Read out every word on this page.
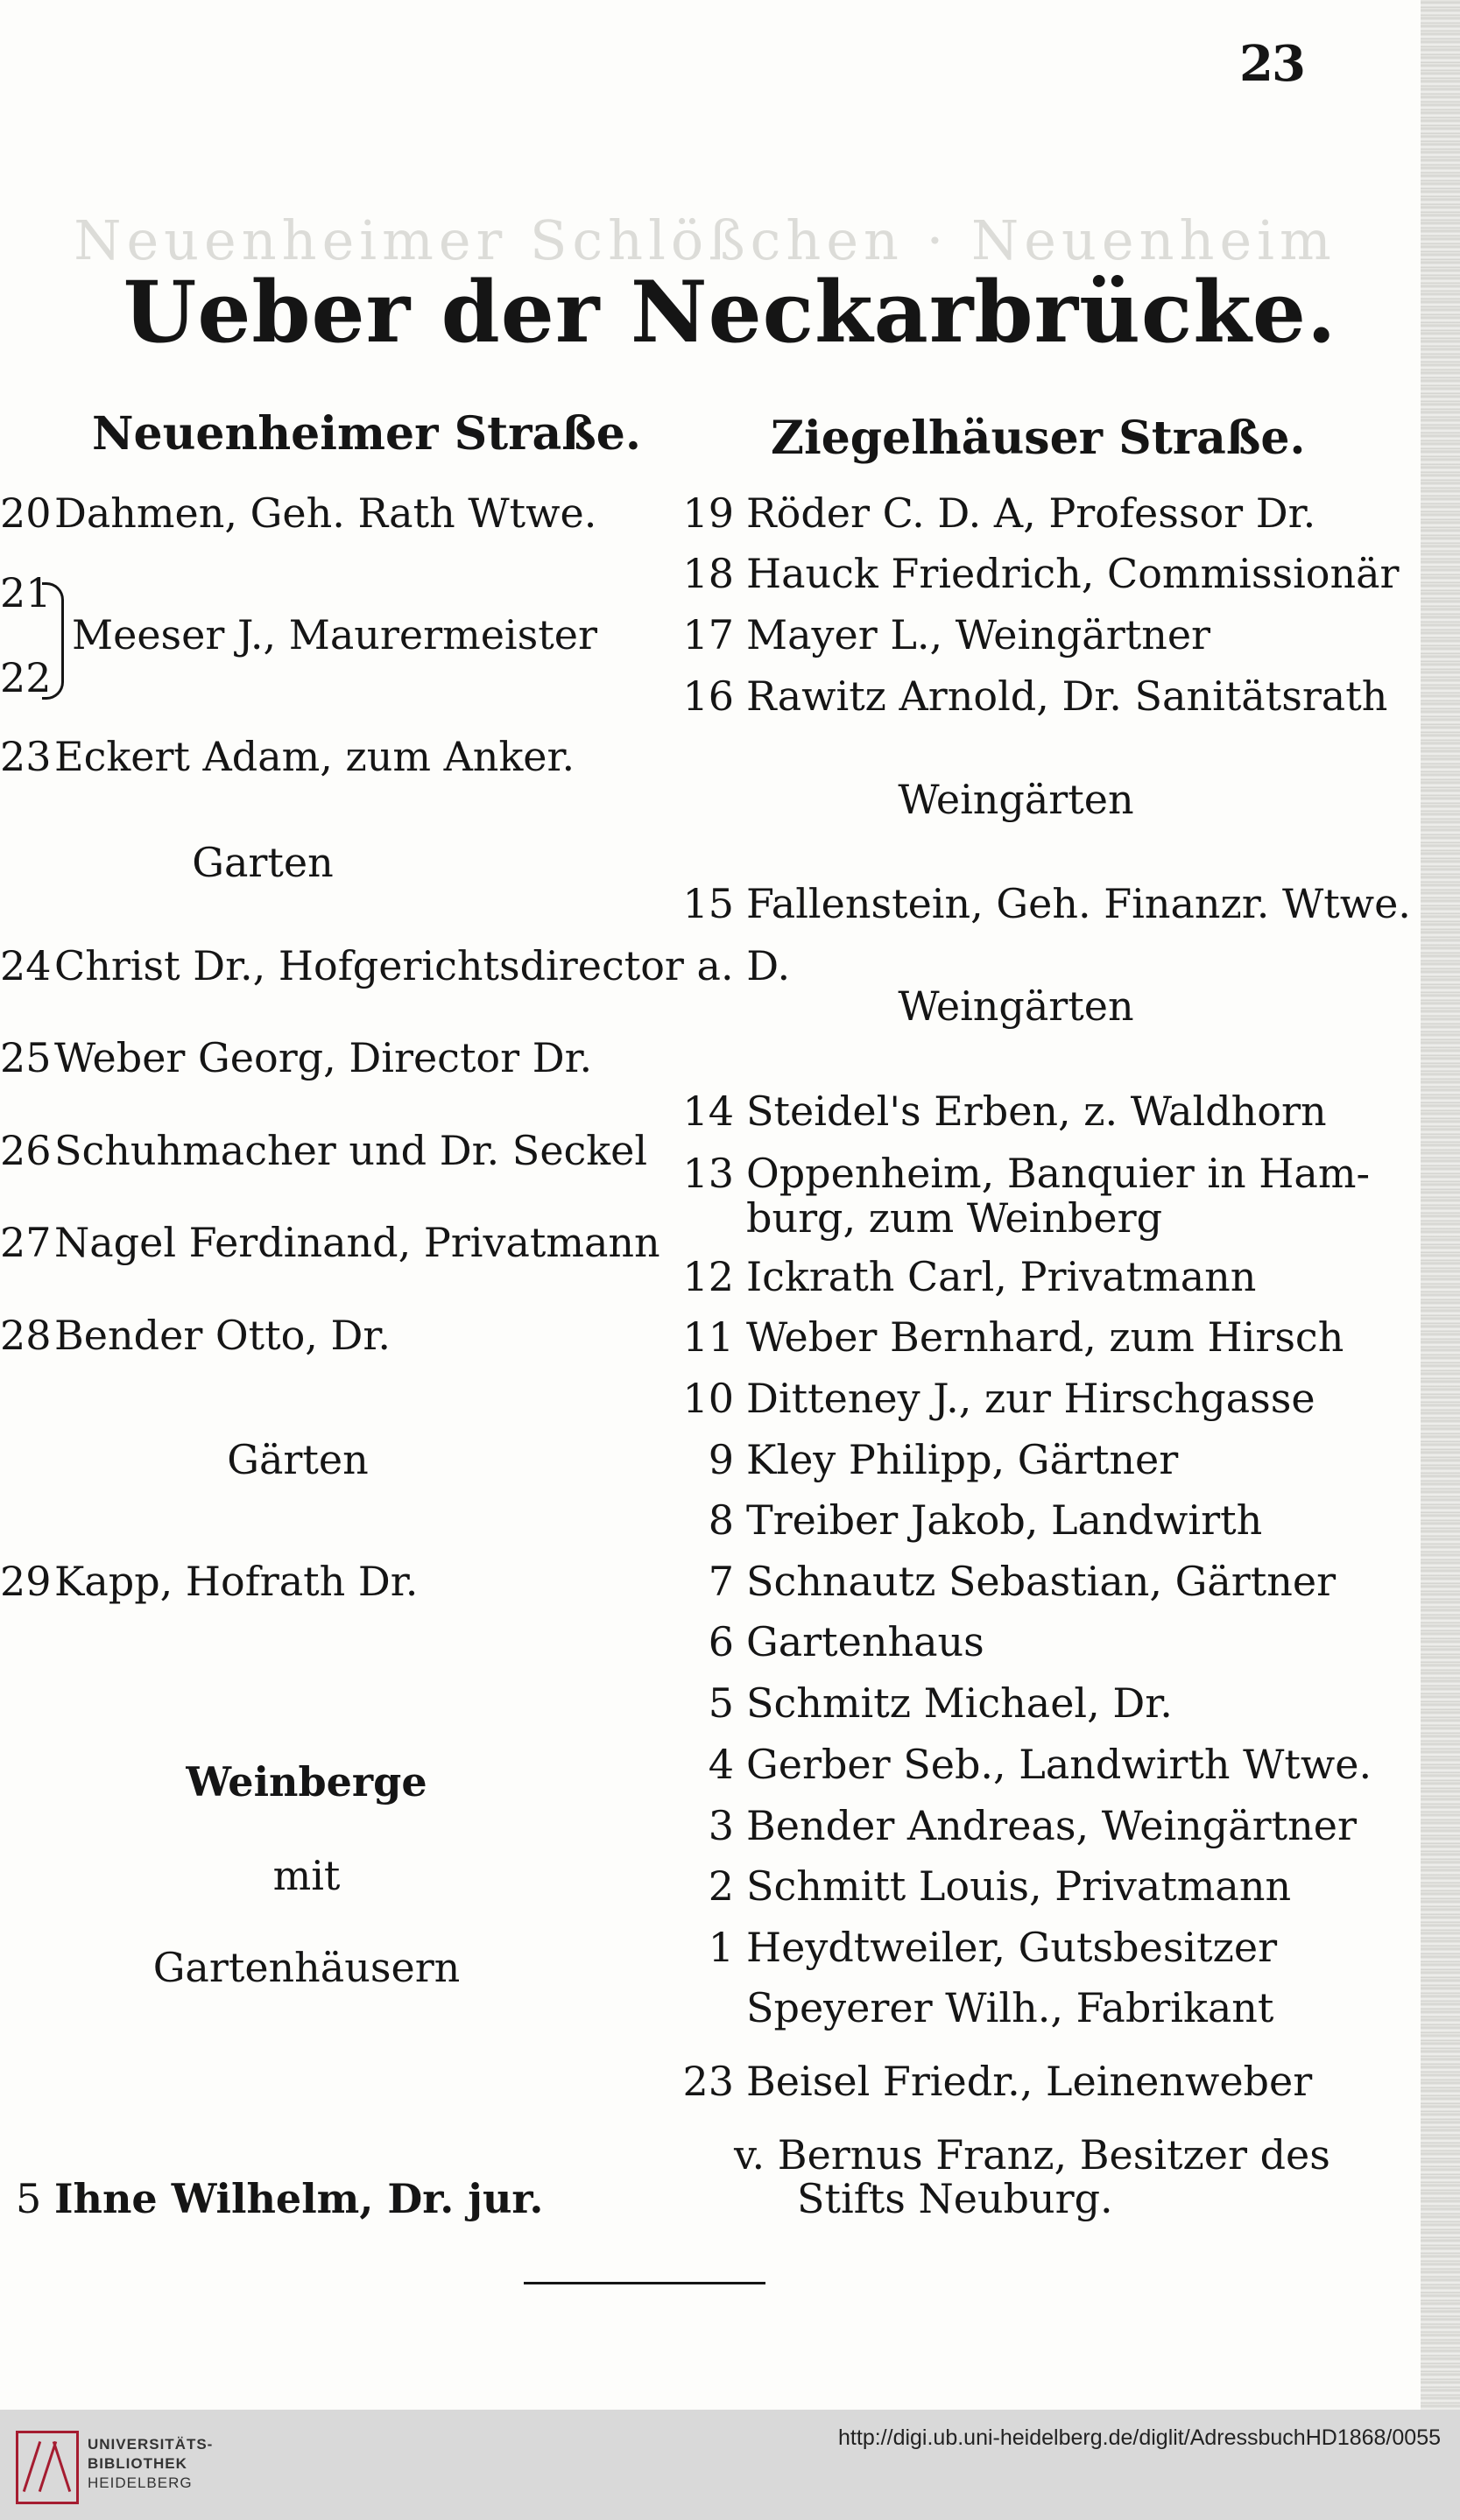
23
Neuenheimer Schlößchen · Neuenheim
Ueber der Neckarbrücke.
Neuenheimer Straße.
20Dahmen, Geh. Rath Wtwe.
21
22
Meeser J., Maurermeister
23Eckert Adam, zum Anker.
Garten
24Christ Dr., Hofgerichtsdirector a. D.
25Weber Georg, Director Dr.
26Schuhmacher und Dr. Seckel
27Nagel Ferdinand, Privatmann
28Bender Otto, Dr.
Gärten
29Kapp, Hofrath Dr.
Weinberge
mit
Gartenhäusern
5 Ihne Wilhelm, Dr. jur.
Ziegelhäuser Straße.
19 Röder C. D. A, Professor Dr.
18 Hauck Friedrich, Commissionär
17 Mayer L., Weingärtner
16 Rawitz Arnold, Dr. Sanitätsrath
Weingärten
15 Fallenstein, Geh. Finanzr. Wtwe.
Weingärten
14 Steidel's Erben, z. Waldhorn
13 Oppenheim, Banquier in Ham-
burg, zum Weinberg
12 Ickrath Carl, Privatmann
11 Weber Bernhard, zum Hirsch
10 Ditteney J., zur Hirschgasse
9 Kley Philipp, Gärtner
8 Treiber Jakob, Landwirth
7 Schnautz Sebastian, Gärtner
6 Gartenhaus
5 Schmitz Michael, Dr.
4 Gerber Seb., Landwirth Wtwe.
3 Bender Andreas, Weingärtner
2 Schmitt Louis, Privatmann
1 Heydtweiler, Gutsbesitzer
Speyerer Wilh., Fabrikant
23 Beisel Friedr., Leinenweber
v. Bernus Franz, Besitzer des
Stifts Neuburg.
UNIVERSITÄTS-
BIBLIOTHEK
HEIDELBERG
http://digi.ub.uni-heidelberg.de/diglit/AdressbuchHD1868/0055
